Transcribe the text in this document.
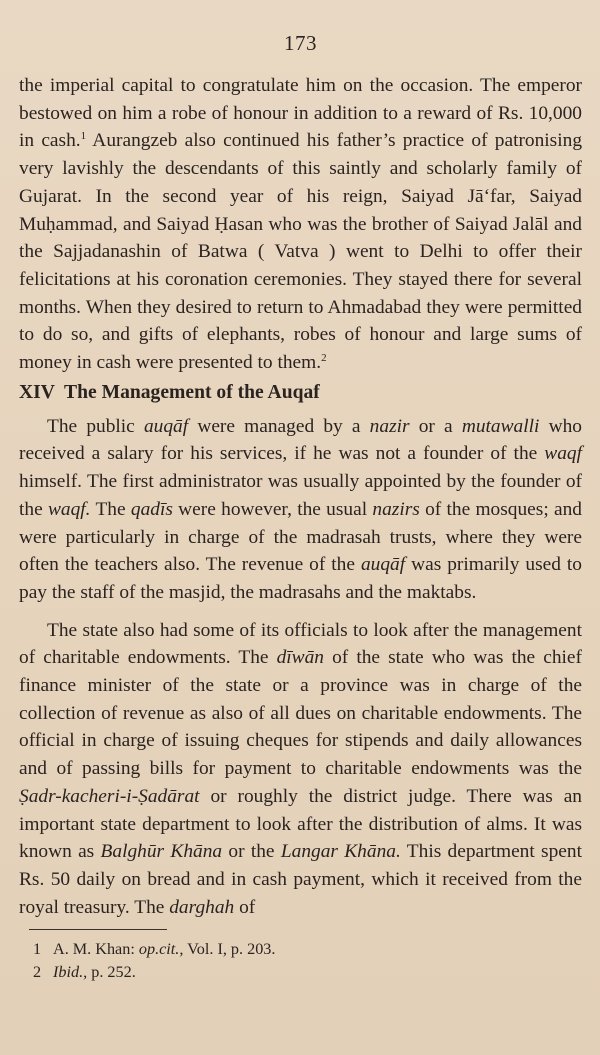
173

the imperial capital to congratulate him on the occasion. The emperor bestowed on him a robe of honour in addition to a reward of Rs. 10,000 in cash.$^1$ Aurangzeb also continued his father’s practice of patronising very lavishly the descendants of this saintly and scholarly family of Gujarat. In the second year of his reign, Saiyad Jā‘far, Saiyad Muḥammad, and Saiyad Ḥasan who was the brother of Saiyad Jalāl and the Sajjadanashin of Batwa ( Vatva ) went to Delhi to offer their felicitations at his coronation ceremonies. They stayed there for several months. When they desired to return to Ahmadabad they were permitted to do so, and gifts of elephants, robes of honour and large sums of money in cash were presented to them.$^2$

XIV  The Management of the Auqaf

The public auqāf were managed by a nazir or a mutawalli who received a salary for his services, if he was not a founder of the waqf himself. The first administrator was usually appointed by the founder of the waqf. The qadīs were however, the usual nazirs of the mosques; and were particularly in charge of the madrasah trusts, where they were often the teachers also. The revenue of the auqāf was primarily used to pay the staff of the masjid, the madrasahs and the maktabs.

The state also had some of its officials to look after the management of charitable endowments. The dīwān of the state who was the chief finance minister of the state or a province was in charge of the collection of revenue as also of all dues on charitable endowments. The official in charge of issuing cheques for stipends and daily allowances and of passing bills for payment to charitable endowments was the Ṣadr-kacheri-i-Ṣadārat or roughly the district judge. There was an important state department to look after the distribution of alms. It was known as Balghūr Khāna or the Langar Khāna. This department spent Rs. 50 daily on bread and in cash payment, which it received from the royal treasury. The darghah of

1 A. M. Khan: op.cit., Vol. I, p. 203.
2 Ibid., p. 252.
